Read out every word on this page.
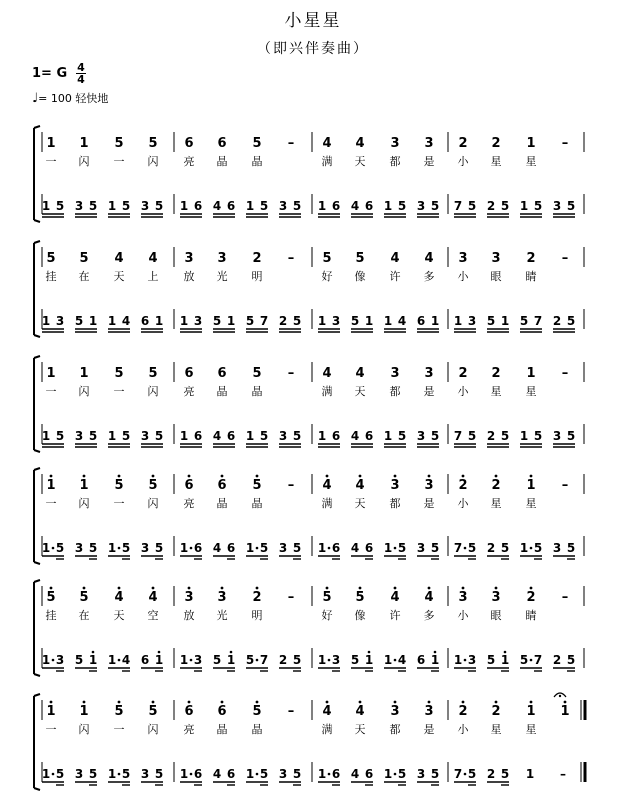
小星星
（即兴伴奏曲）
1= G 4
4
♩= 100 轻快地
1 1 5 5
一 闪 一 闪
1 5 3 5 1 5 3 5
6 6 5 –
亮 晶 晶
1 6 4 6 1 5 3 5
4 4 3 3
满 天 都 是
1 6 4 6 1 5 3 5
2 2 1 –
小 星 星
7 5 2 5 1 5 3 5
5 5 4 4
挂 在 天 上
1 3 5 1 1 4 6 1
3 3 2 –
放 光 明
1 3 5 1 5 7 2 5
5 5 4 4
好 像 许 多
1 3 5 1 1 4 6 1
3 3 2 –
小 眼 睛
1 3 5 1 5 7 2 5
1 1 5 5
一 闪 一 闪
1 5 3 5 1 5 3 5
6 6 5 –
亮 晶 晶
1 6 4 6 1 5 3 5
4 4 3 3
满 天 都 是
1 6 4 6 1 5 3 5
2 2 1 –
小 星 星
7 5 2 5 1 5 3 5
1 1 5 5
一 闪 一 闪
1 5 3 5 1 5 3 5
6 6 5 –
亮 晶 晶
1 6 4 6 1 5 3 5
4 4 3 3
满 天 都 是
1 6 4 6 1 5 3 5
2 2 1 –
小 星 星
7 5 2 5 1 5 3 5
5 5 4 4
挂 在 天 空
1 3 5 1 1 4 6 1
3 3 2 –
放 光 明
1 3 5 1 5 7 2 5
5 5 4 4
好 像 许 多
1 3 5 1 1 4 6 1
3 3 2 –
小 眼 睛
1 3 5 1 5 7 2 5
1 1 5 5
一 闪 一 闪
1 5 3 5 1 5 3 5
6 6 5 –
亮 晶 晶
1 6 4 6 1 5 3 5
4 4 3 3
满 天 都 是
1 6 4 6 1 5 3 5
2 2 1 1
小 星 星
7 5 2 5 1 –
